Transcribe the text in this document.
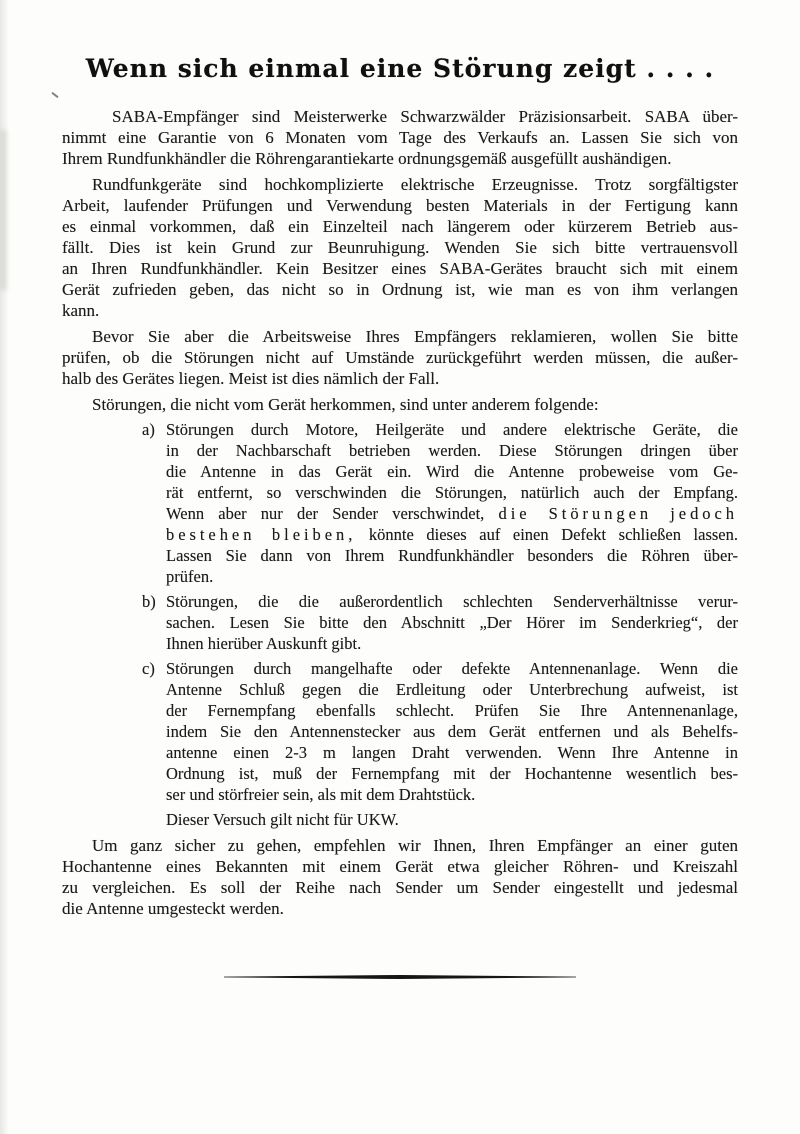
Wenn sich einmal eine Störung zeigt . . . .
SABA-Empfänger sind Meisterwerke Schwarzwälder Präzisionsarbeit. SABA über-
nimmt eine Garantie von 6 Monaten vom Tage des Verkaufs an. Lassen Sie sich von
Ihrem Rundfunkhändler die Röhrengarantiekarte ordnungsgemäß ausgefüllt aushändigen.
Rundfunkgeräte sind hochkomplizierte elektrische Erzeugnisse. Trotz sorgfältigster
Arbeit, laufender Prüfungen und Verwendung besten Materials in der Fertigung kann
es einmal vorkommen, daß ein Einzelteil nach längerem oder kürzerem Betrieb aus-
fällt. Dies ist kein Grund zur Beunruhigung. Wenden Sie sich bitte vertrauensvoll
an Ihren Rundfunkhändler. Kein Besitzer eines SABA-Gerätes braucht sich mit einem
Gerät zufrieden geben, das nicht so in Ordnung ist, wie man es von ihm verlangen
kann.
Bevor Sie aber die Arbeitsweise Ihres Empfängers reklamieren, wollen Sie bitte
prüfen, ob die Störungen nicht auf Umstände zurückgeführt werden müssen, die außer-
halb des Gerätes liegen. Meist ist dies nämlich der Fall.
Störungen, die nicht vom Gerät herkommen, sind unter anderem folgende:
a) Störungen durch Motore, Heilgeräte und andere elektrische Geräte, die
in der Nachbarschaft betrieben werden. Diese Störungen dringen über
die Antenne in das Gerät ein. Wird die Antenne probeweise vom Ge-
rät entfernt, so verschwinden die Störungen, natürlich auch der Empfang.
Wenn aber nur der Sender verschwindet, die Störungen jedoch
bestehen bleiben, könnte dieses auf einen Defekt schließen lassen.
Lassen Sie dann von Ihrem Rundfunkhändler besonders die Röhren über-
prüfen.
b) Störungen, die die außerordentlich schlechten Senderverhältnisse verur-
sachen. Lesen Sie bitte den Abschnitt „Der Hörer im Senderkrieg“, der
Ihnen hierüber Auskunft gibt.
c) Störungen durch mangelhafte oder defekte Antennenanlage. Wenn die
Antenne Schluß gegen die Erdleitung oder Unterbrechung aufweist, ist
der Fernempfang ebenfalls schlecht. Prüfen Sie Ihre Antennenanlage,
indem Sie den Antennenstecker aus dem Gerät entfernen und als Behelfs-
antenne einen 2-3 m langen Draht verwenden. Wenn Ihre Antenne in
Ordnung ist, muß der Fernempfang mit der Hochantenne wesentlich bes-
ser und störfreier sein, als mit dem Drahtstück.
Dieser Versuch gilt nicht für UKW.
Um ganz sicher zu gehen, empfehlen wir Ihnen, Ihren Empfänger an einer guten
Hochantenne eines Bekannten mit einem Gerät etwa gleicher Röhren- und Kreiszahl
zu vergleichen. Es soll der Reihe nach Sender um Sender eingestellt und jedesmal
die Antenne umgesteckt werden.
